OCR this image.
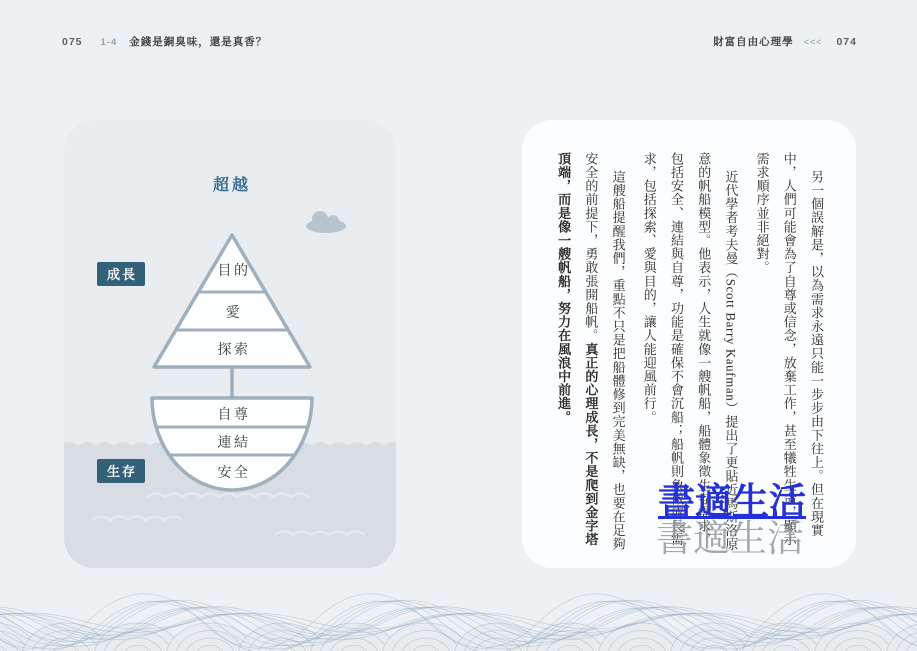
075 1-4 金錢是銅臭味，還是真香？	財富自由心理學 <<< 074
超越
目的
愛
探索
自尊
連結
安全
成長
生存	另一個誤解是，以為需求永遠只能一步步由下往上。但在現實中，人們可能會為了自尊或信念，放棄工作，甚至犧牲生命，顯示需求順序並非絕對。

近代學者考夫曼（Scott Barry Kaufman）提出了更貼近馬斯洛原意的帆船模型。他表示，人生就像一艘帆船，船體象徵生存需求，包括安全、連結與自尊，功能是確保不會沉船；船帆則象徵成長需求，包括探索、愛與目的，讓人能迎風前行。

這艘船提醒我們，重點不只是把船體修到完美無缺，也要在足夠安全的前提下，勇敢張開船帆。真正的心理成長，不是爬到金字塔頂端，而是像一艘帆船，努力在風浪中前進。

書適生活
書適生活
